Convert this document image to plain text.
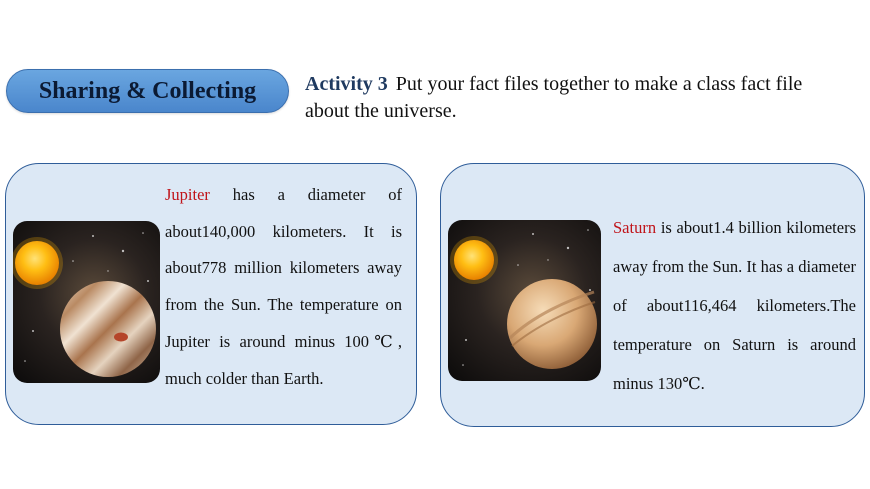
Sharing & Collecting Activity 3 Put your fact files together to make a class fact file about the universe.
Jupiter has a diameter of about140,000 kilometers. It is about778 million kilometers away from the Sun. The temperature on Jupiter is around minus 100℃, much colder than Earth.
Saturn is about1.4 billion kilometers away from the Sun. It has a diameter of about116,464 kilometers.The temperature on Saturn is around minus 130℃.
